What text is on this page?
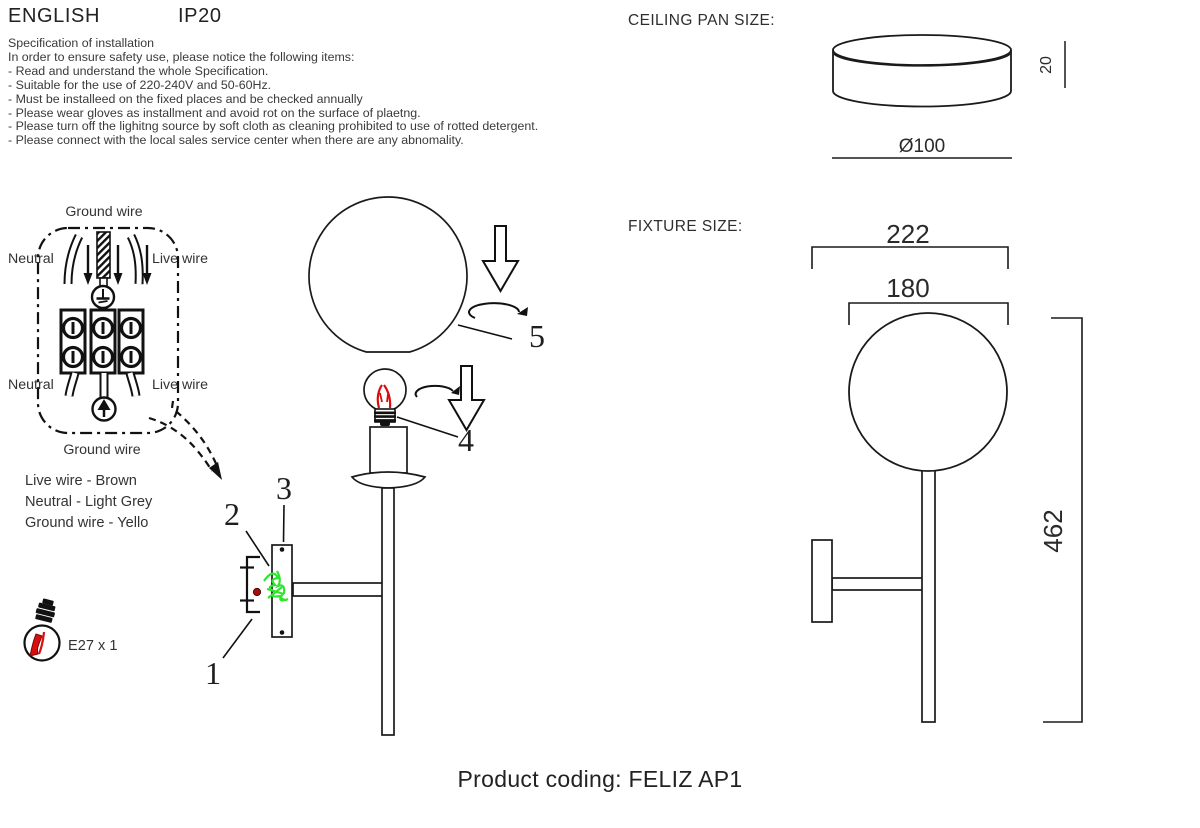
ENGLISH	IP20
Specification of installation
In order to ensure safety use, please notice the following items:
- Read and understand the whole Specification.
- Suitable for the use of 220-240V and 50-60Hz.
- Must be installeed on the fixed places and be checked annually
- Please wear gloves as installment and avoid rot on the surface of plaetng.
- Please turn off the lighitng source by soft cloth as cleaning prohibited to use of rotted detergent.
- Please connect with the local sales service center when there are any abnomality.
Ground wire
Neutral	Live wire
Neutral	Live wire
Ground wire
Live wire - Brown
Neutral - Light Grey
Ground wire - Yello
E27 x 1
5
4
3
2
1
CEILING PAN SIZE:
20
Ø100
FIXTURE SIZE:	222
180
462
Product coding: FELIZ AP1
